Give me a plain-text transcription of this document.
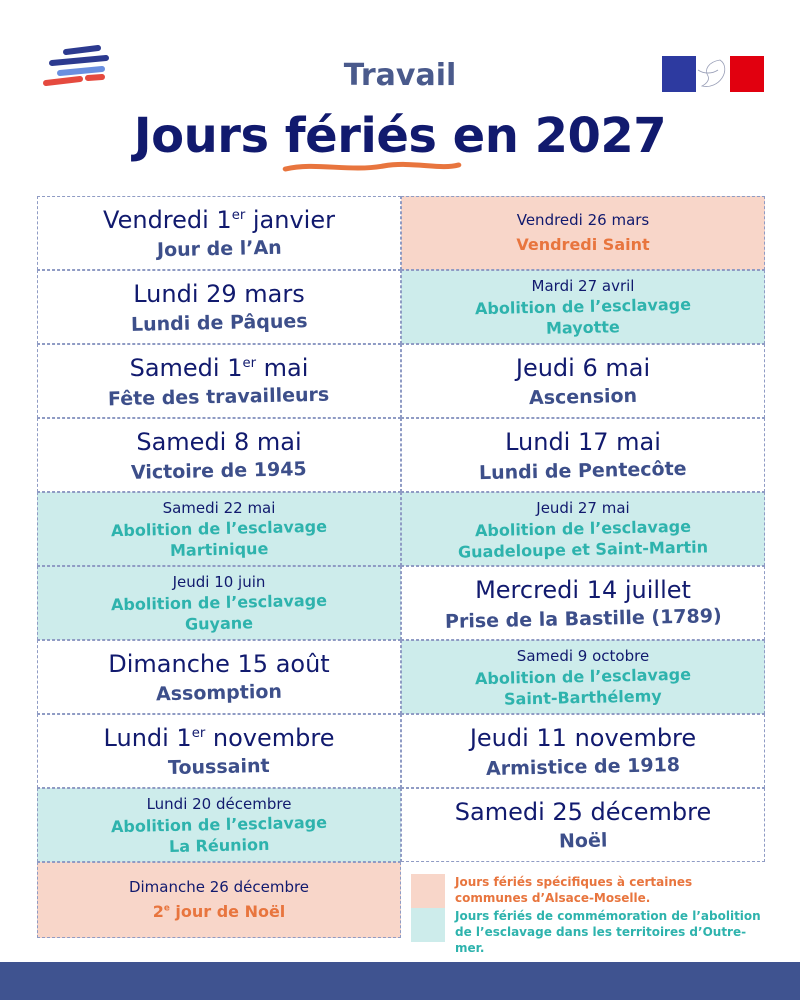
Travail
Jours fériés
en 2027
Vendredi 1er janvier
Jour de l’An
Lundi 29 mars
Lundi de Pâques
Samedi 1er mai
Fête des travailleurs
Samedi 8 mai
Victoire de 1945
Samedi 22 mai
Abolition de l’esclavage
Martinique
Jeudi 10 juin
Abolition de l’esclavage
Guyane
Dimanche 15 août
Assomption
Lundi 1er novembre
Toussaint
Lundi 20 décembre
Abolition de l’esclavage
La Réunion
Dimanche 26 décembre
2e jour de Noël
Vendredi 26 mars
Vendredi Saint
Mardi 27 avril
Abolition de l’esclavage
Mayotte
Jeudi 6 mai
Ascension
Lundi 17 mai
Lundi de Pentecôte
Jeudi 27 mai
Abolition de l’esclavage
Guadeloupe et Saint-Martin
Mercredi 14 juillet
Prise de la Bastille (1789)
Samedi 9 octobre
Abolition de l’esclavage
Saint-Barthélemy
Jeudi 11 novembre
Armistice de 1918
Samedi 25 décembre
Noël
Jours fériés spécifiques à certaines
communes d’Alsace-Moselle.
Jours fériés de commémoration de l’abolition
de l’esclavage dans les territoires d’Outre-mer.
